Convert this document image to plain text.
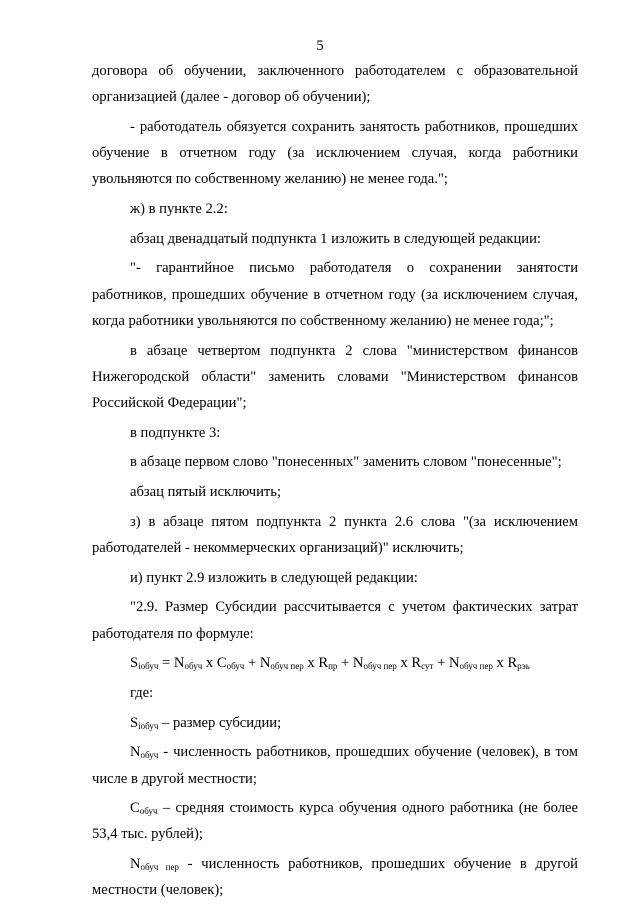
5

договора об обучении, заключенного работодателем с образовательной организацией (далее - договор об обучении);

- работодатель обязуется сохранить занятость работников, прошедших обучение в отчетном году (за исключением случая, когда работники увольняются по собственному желанию) не менее года.";

ж) в пункте 2.2:

абзац двенадцатый подпункта 1 изложить в следующей редакции:

"- гарантийное письмо работодателя о сохранении занятости работников, прошедших обучение в отчетном году (за исключением случая, когда работники увольняются по собственному желанию) не менее года;";

в абзаце четвертом подпункта 2 слова "министерством финансов Нижегородской области" заменить словами "Министерством финансов Российской Федерации";

в подпункте 3:

в абзаце первом слово "понесенных" заменить словом "понесенные";

абзац пятый исключить;

з) в абзаце пятом подпункта 2 пункта 2.6 слова "(за исключением работодателей - некоммерческих организаций)" исключить;

и) пункт 2.9 изложить в следующей редакции:

"2.9. Размер Субсидии рассчитывается с учетом фактических затрат работодателя по формуле:

$S_{iобуч} = N_{обуч}$ x $C_{обуч} + N_{обуч пер}$ x $R_{пр} + N_{обуч пер}$ x $R_{сут} + N_{обуч пер}$ x $R_{рэь}$

где:

$S_{iобуч}$ – размер субсидии;

$N_{обуч}$ - численность работников, прошедших обучение (человек), в том числе в другой местности;

$C_{обуч}$ – средняя стоимость курса обучения одного работника (не более 53,4 тыс. рублей);

$N_{обуч пер}$ - численность работников, прошедших обучение в другой местности (человек);
